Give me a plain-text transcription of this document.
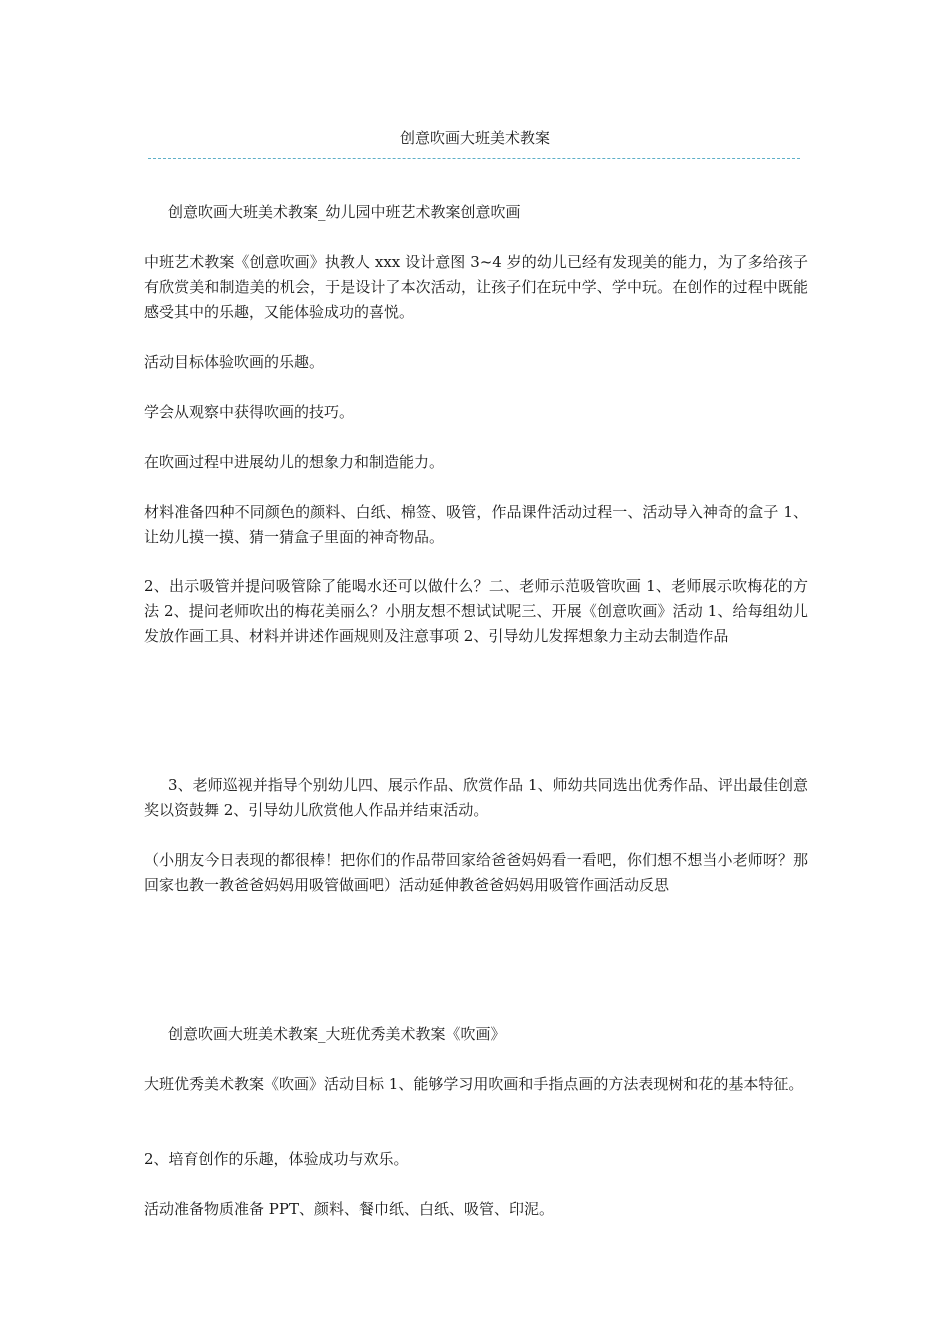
创意吹画大班美术教案

创意吹画大班美术教案_幼儿园中班艺术教案创意吹画

中班艺术教案《创意吹画》执教人 xxx 设计意图 3~4 岁的幼儿已经有发现美的能力，为了多给孩子有欣赏美和制造美的机会，于是设计了本次活动，让孩子们在玩中学、学中玩。在创作的过程中既能感受其中的乐趣，又能体验成功的喜悦。

活动目标体验吹画的乐趣。

学会从观察中获得吹画的技巧。

在吹画过程中进展幼儿的想象力和制造能力。

材料准备四种不同颜色的颜料、白纸、棉签、吸管，作品课件活动过程一、活动导入神奇的盒子 1、让幼儿摸一摸、猜一猜盒子里面的神奇物品。

2、出示吸管并提问吸管除了能喝水还可以做什么？二、老师示范吸管吹画 1、老师展示吹梅花的方法 2、提问老师吹出的梅花美丽么？小朋友想不想试试呢三、开展《创意吹画》活动 1、给每组幼儿发放作画工具、材料并讲述作画规则及注意事项 2、引导幼儿发挥想象力主动去制造作品

3、老师巡视并指导个别幼儿四、展示作品、欣赏作品 1、师幼共同选出优秀作品、评出最佳创意奖以资鼓舞 2、引导幼儿欣赏他人作品并结束活动。

（小朋友今日表现的都很棒！把你们的作品带回家给爸爸妈妈看一看吧，你们想不想当小老师呀？那回家也教一教爸爸妈妈用吸管做画吧）活动延伸教爸爸妈妈用吸管作画活动反思

创意吹画大班美术教案_大班优秀美术教案《吹画》

大班优秀美术教案《吹画》活动目标 1、能够学习用吹画和手指点画的方法表现树和花的基本特征。

2、培育创作的乐趣，体验成功与欢乐。

活动准备物质准备 PPT、颜料、餐巾纸、白纸、吸管、印泥。
